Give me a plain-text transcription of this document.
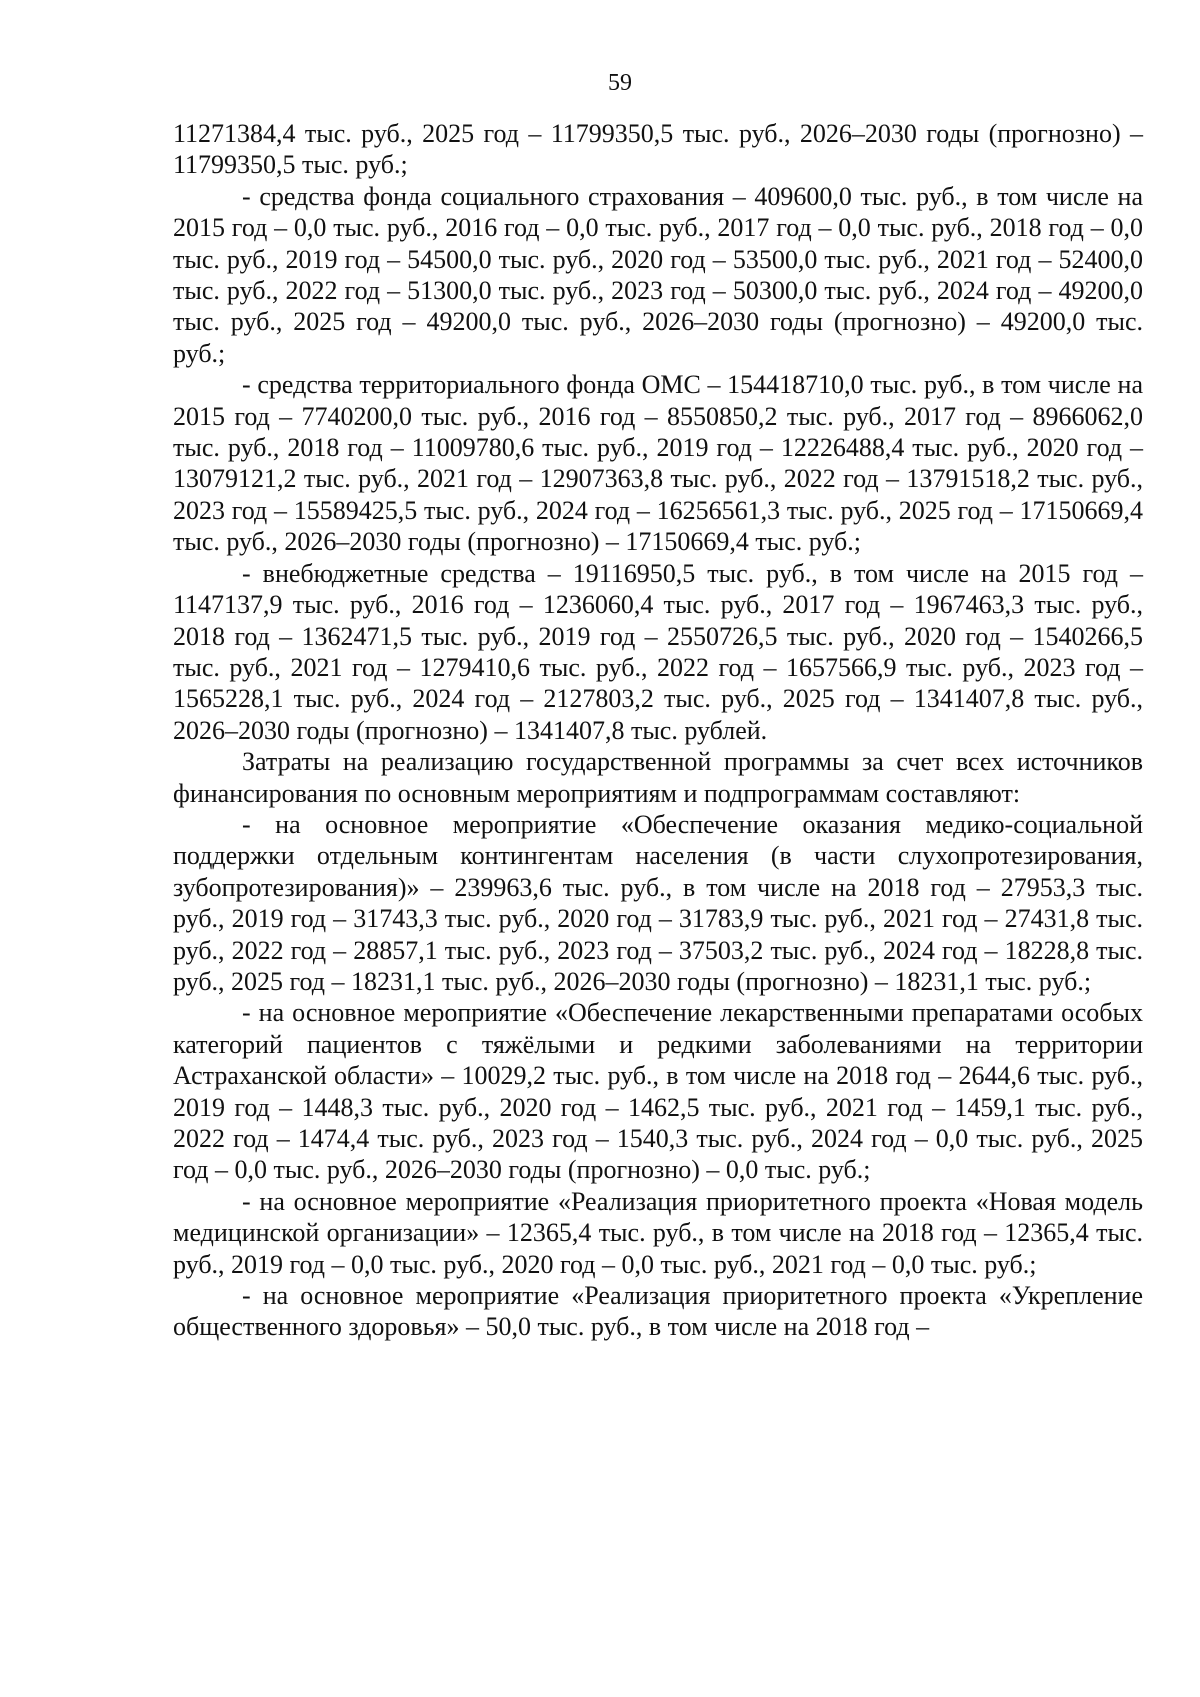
59

11271384,4 тыс. руб., 2025 год – 11799350,5 тыс. руб., 2026–2030 годы (прогнозно) – 11799350,5 тыс. руб.;

- средства фонда социального страхования – 409600,0 тыс. руб., в том числе на 2015 год – 0,0 тыс. руб., 2016 год – 0,0 тыс. руб., 2017 год – 0,0 тыс. руб., 2018 год – 0,0 тыс. руб., 2019 год – 54500,0 тыс. руб., 2020 год – 53500,0 тыс. руб., 2021 год – 52400,0 тыс. руб., 2022 год – 51300,0 тыс. руб., 2023 год – 50300,0 тыс. руб., 2024 год – 49200,0 тыс. руб., 2025 год – 49200,0 тыс. руб., 2026–2030 годы (прогнозно) – 49200,0 тыс. руб.;

- средства территориального фонда ОМС – 154418710,0 тыс. руб., в том числе на 2015 год – 7740200,0 тыс. руб., 2016 год – 8550850,2 тыс. руб., 2017 год – 8966062,0 тыс. руб., 2018 год – 11009780,6 тыс. руб., 2019 год – 12226488,4 тыс. руб., 2020 год – 13079121,2 тыс. руб., 2021 год – 12907363,8 тыс. руб., 2022 год – 13791518,2 тыс. руб., 2023 год – 15589425,5 тыс. руб., 2024 год – 16256561,3 тыс. руб., 2025 год – 17150669,4 тыс. руб., 2026–2030 годы (прогнозно) – 17150669,4 тыс. руб.;

- внебюджетные средства – 19116950,5 тыс. руб., в том числе на 2015 год – 1147137,9 тыс. руб., 2016 год – 1236060,4 тыс. руб., 2017 год – 1967463,3 тыс. руб., 2018 год – 1362471,5 тыс. руб., 2019 год – 2550726,5 тыс. руб., 2020 год – 1540266,5 тыс. руб., 2021 год – 1279410,6 тыс. руб., 2022 год – 1657566,9 тыс. руб., 2023 год – 1565228,1 тыс. руб., 2024 год – 2127803,2 тыс. руб., 2025 год – 1341407,8 тыс. руб., 2026–2030 годы (прогнозно) – 1341407,8 тыс. рублей.

Затраты на реализацию государственной программы за счет всех источников финансирования по основным мероприятиям и подпрограммам составляют:

- на основное мероприятие «Обеспечение оказания медико-социальной поддержки отдельным контингентам населения (в части слухопротезирования, зубопротезирования)» – 239963,6 тыс. руб., в том числе на 2018 год – 27953,3 тыс. руб., 2019 год – 31743,3 тыс. руб., 2020 год – 31783,9 тыс. руб., 2021 год – 27431,8 тыс. руб., 2022 год – 28857,1 тыс. руб., 2023 год – 37503,2 тыс. руб., 2024 год – 18228,8 тыс. руб., 2025 год – 18231,1 тыс. руб., 2026–2030 годы (прогнозно) – 18231,1 тыс. руб.;

- на основное мероприятие «Обеспечение лекарственными препаратами особых категорий пациентов с тяжёлыми и редкими заболеваниями на территории Астраханской области» – 10029,2 тыс. руб., в том числе на 2018 год – 2644,6 тыс. руб., 2019 год – 1448,3 тыс. руб., 2020 год – 1462,5 тыс. руб., 2021 год – 1459,1 тыс. руб., 2022 год – 1474,4 тыс. руб., 2023 год – 1540,3 тыс. руб., 2024 год – 0,0 тыс. руб., 2025 год – 0,0 тыс. руб., 2026–2030 годы (прогнозно) – 0,0 тыс. руб.;

- на основное мероприятие «Реализация приоритетного проекта «Новая модель медицинской организации» – 12365,4 тыс. руб., в том числе на 2018 год – 12365,4 тыс. руб., 2019 год – 0,0 тыс. руб., 2020 год – 0,0 тыс. руб., 2021 год – 0,0 тыс. руб.;

- на основное мероприятие «Реализация приоритетного проекта «Укрепление общественного здоровья» – 50,0 тыс. руб., в том числе на 2018 год –
